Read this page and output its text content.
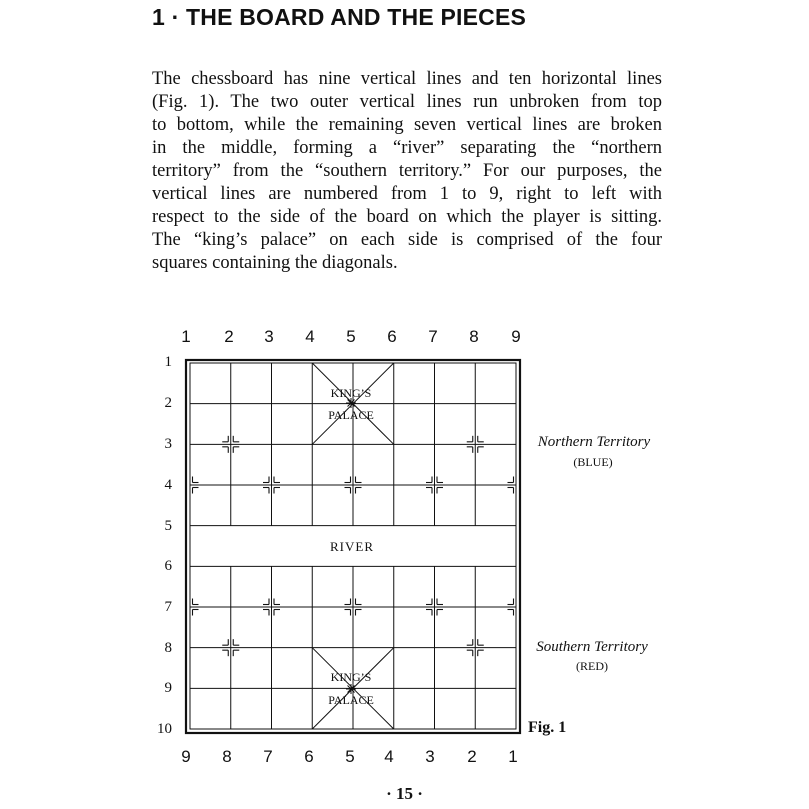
1 · THE BOARD AND THE PIECES
The chessboard has nine vertical lines and ten horizontal lines
(Fig. 1). The two outer vertical lines run unbroken from top
to bottom, while the remaining seven vertical lines are broken
in the middle, forming a “river” separating the “northern
territory” from the “southern territory.” For our purposes, the
vertical lines are numbered from 1 to 9, right to left with
respect to the side of the board on which the player is sitting.
The “king’s palace” on each side is comprised of the four
squares containing the diagonals.
1 2 3 4 5 6 7 8 9
9 8 7 6 5 4 3 2 1
1
2
3
4
5
6
7
8
9
10
KING’S
PALACE
KING’S
PALACE
RIVER
Northern Territory
(BLUE)
Southern Territory
(RED)
Fig. 1
· 15 ·
